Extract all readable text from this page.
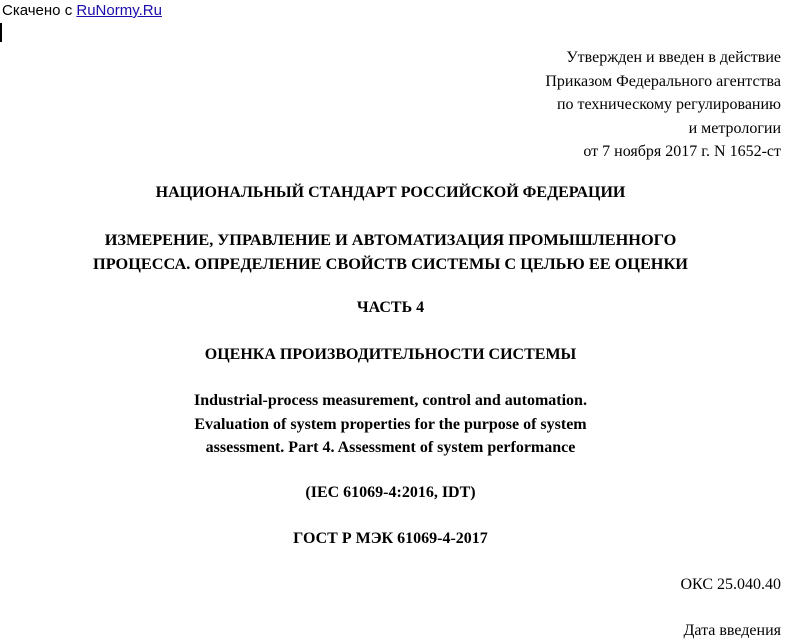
Скачено с RuNormy.Ru
Утвержден и введен в действие
Приказом Федерального агентства
по техническому регулированию
и метрологии
от 7 ноября 2017 г. N 1652-ст
НАЦИОНАЛЬНЫЙ СТАНДАРТ РОССИЙСКОЙ ФЕДЕРАЦИИ
ИЗМЕРЕНИЕ, УПРАВЛЕНИЕ И АВТОМАТИЗАЦИЯ ПРОМЫШЛЕННОГО
ПРОЦЕССА. ОПРЕДЕЛЕНИЕ СВОЙСТВ СИСТЕМЫ С ЦЕЛЬЮ ЕЕ ОЦЕНКИ
ЧАСТЬ 4
ОЦЕНКА ПРОИЗВОДИТЕЛЬНОСТИ СИСТЕМЫ
Industrial-process measurement, control and automation.
Evaluation of system properties for the purpose of system
assessment. Part 4. Assessment of system performance
(IEC 61069-4:2016, IDT)
ГОСТ Р МЭК 61069-4-2017
ОКС 25.040.40
Дата введения
